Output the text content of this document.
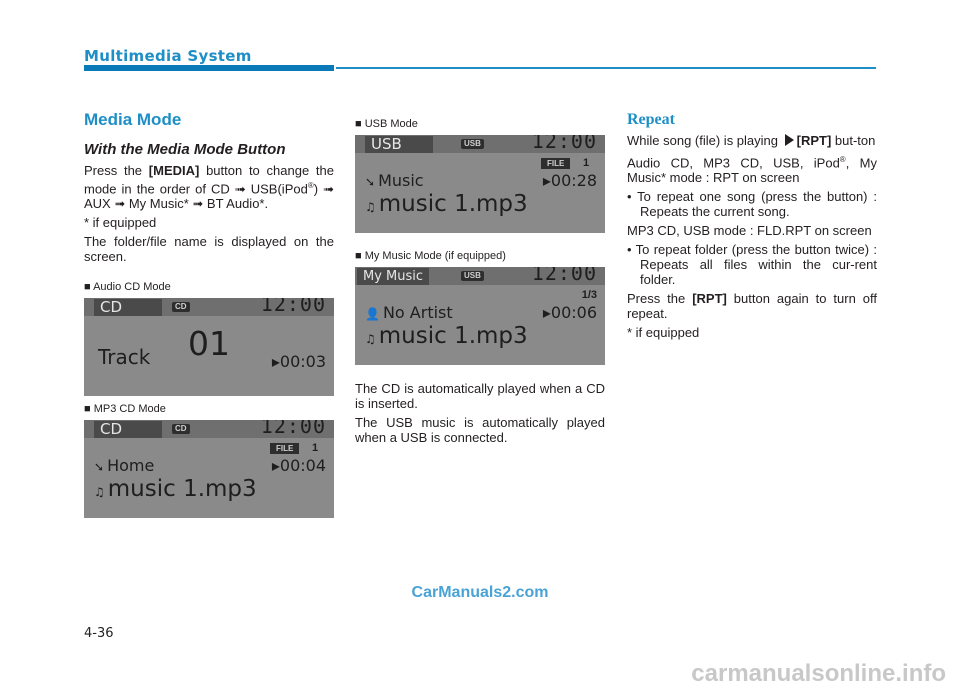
Multimedia System
Media Mode
With the Media Mode Button

Press the [MEDIA] button to change the mode in the order of CD ➟ USB(iPod®) ➟ AUX ➟ My Music* ➟ BT Audio*.

* if equipped

The folder/file name is displayed on the screen.

■ Audio CD Mode
CD	CD	12:00
Track 01	▸00:03
■ MP3 CD Mode
CD	CD	12:00
FILE	1
➘ Home	▸00:04
♫ music 1.mp3
■ USB Mode
USB	USB	12:00
FILE	1
➘ Music	▸00:28
♫ music 1.mp3
■ My Music Mode (if equipped)
My Music	USB	12:00
1/3
👤 No Artist	▸00:06
♫ music 1.mp3

The CD is automatically played when a CD is inserted.

The USB music is automatically played when a USB is connected.

Repeat

While song (file) is playing [RPT] but-ton

Audio CD, MP3 CD, USB, iPod®, My Music* mode : RPT on screen

• To repeat one song (press the button) : Repeats the current song.

MP3 CD, USB mode : FLD.RPT on screen

• To repeat folder (press the button twice) : Repeats all files within the cur-rent folder.

Press the [RPT] button again to turn off repeat.

* if equipped

CarManuals2.com
4-36
carmanualsonline.info
